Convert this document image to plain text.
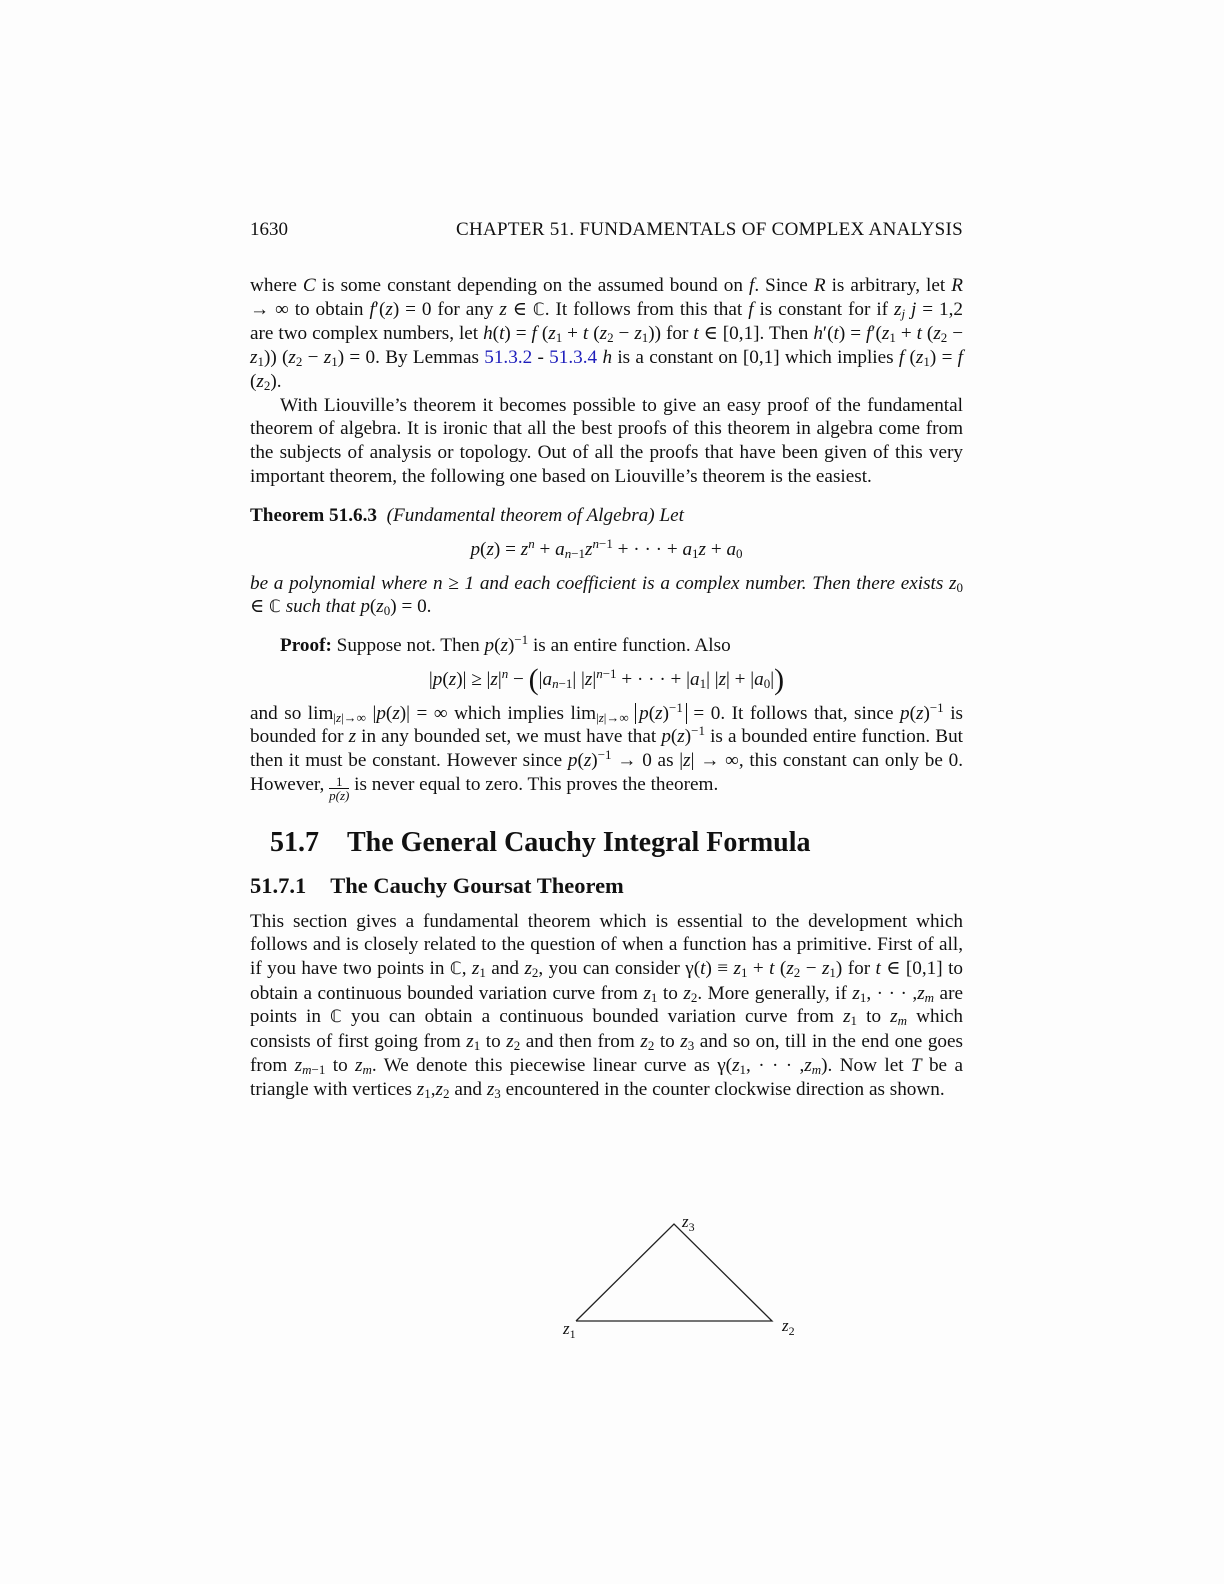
1630	CHAPTER 51. FUNDAMENTALS OF COMPLEX ANALYSIS

where C is some constant depending on the assumed bound on f. Since R is arbitrary, let R → ∞ to obtain f′(z) = 0 for any z ∈ ℂ. It follows from this that f is constant for if $z_j$ j = 1,2 are two complex numbers, let h(t) = f ($z_1 + t$ $(z_2 - z_1)$) for t ∈ [0,1]. Then $h'(t) = f'(z_1 + t$ $(z_2 - z_1)$) $(z_2 - z_1) = 0$. By Lemmas 51.3.2 - 51.3.4 h is a constant on [0,1] which implies f $(z_1) = f$ $(z_2)$.

With Liouville’s theorem it becomes possible to give an easy proof of the fundamental theorem of algebra. It is ironic that all the best proofs of this theorem in algebra come from the subjects of analysis or topology. Out of all the proofs that have been given of this very important theorem, the following one based on Liouville’s theorem is the easiest.

Theorem 51.6.3 (Fundamental theorem of Algebra) Let

$p(z) = z^n + a_{n-1}z^{n-1}$ + · · · + $a_1z + a_0$

be a polynomial where n ≥ 1 and each coefficient is a complex number. Then there exists $z_0$ ∈ ℂ such that $p(z_0) = 0$.

Proof: Suppose not. Then $p(z)^{-1}$ is an entire function. Also

$|p(z)| \ge |z|^n - (|a_{n-1}|$ $|z|^{n-1}$ + · · · + $|a_1|$ $|z| + |a_0|$)

and so $\lim_{|z|\to\infty} |p(z)|$ = ∞ which implies $\lim_{|z|\to\infty} p(z)^{-1} = 0$. It follows that, since $p(z)^{-1}$ is bounded for z in any bounded set, we must have that $p(z)^{-1}$ is a bounded entire function. But then it must be constant. However since $p(z)^{-1} \to 0$ as |z| → ∞, this constant can only be 0. However, $\frac{1}{p(z)}$ is never equal to zero. This proves the theorem.

51.7 The General Cauchy Integral Formula
51.7.1 The Cauchy Goursat Theorem

This section gives a fundamental theorem which is essential to the development which follows and is closely related to the question of when a function has a primitive. First of all, if you have two points in ℂ, $z_1$ and $z_2$, you can consider $\gamma(t) \equiv z_1 + t$ $(z_2 - z_1)$ for t ∈ [0,1] to obtain a continuous bounded variation curve from $z_1$ to $z_2$. More generally, if $z_1$, · · · $,z_m$ are points in ℂ you can obtain a continuous bounded variation curve from $z_1$ to $z_m$ which consists of first going from $z_1$ to $z_2$ and then from $z_2$ to $z_3$ and so on, till in the end one goes from $z_{m-1}$ to $z_m$. We denote this piecewise linear curve as $\gamma(z_1$, · · · $,z_m$). Now let T be a triangle with vertices $z_1,z_2$ and $z_3$ encountered in the counter clockwise direction as shown.

$z_3$
$z_1$	$z_2$
